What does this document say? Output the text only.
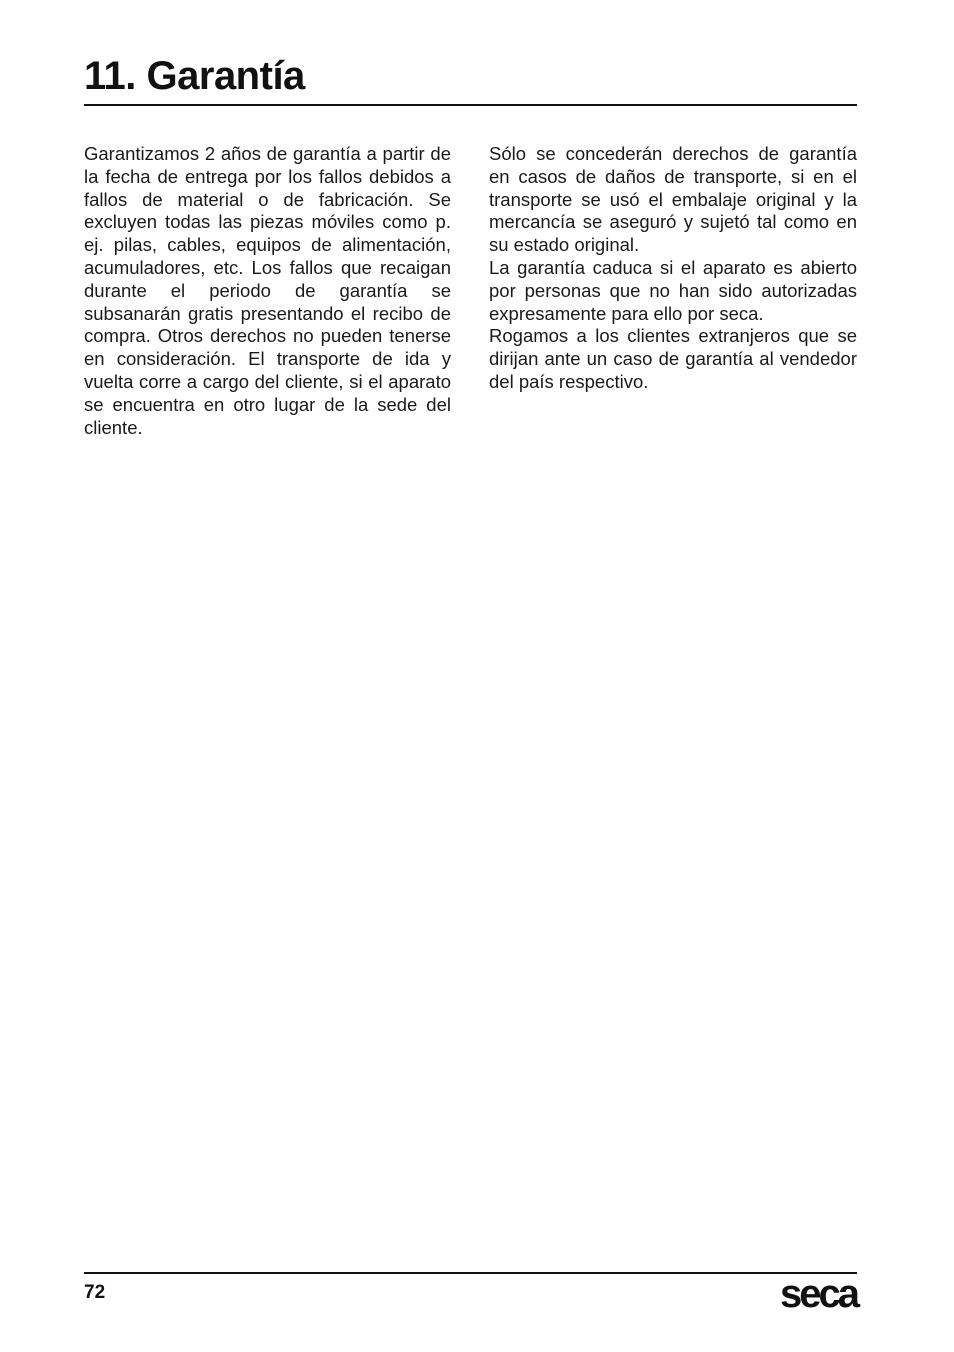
11. Garantía

Garantizamos 2 años de garantía a partir de la fecha de entrega por los fallos debidos a fallos de material o de fabricación. Se excluyen todas las piezas móviles como p. ej. pilas, cables, equipos de alimentación, acumuladores, etc. Los fallos que recaigan durante el periodo de garantía se subsanarán gratis presentando el recibo de compra. Otros derechos no pueden tenerse en consideración. El transporte de ida y vuelta corre a cargo del cliente, si el aparato se encuentra en otro lugar de la sede del cliente.

Sólo se concederán derechos de garantía en casos de daños de transporte, si en el transporte se usó el embalaje original y la mercancía se aseguró y sujetó tal como en su estado original.

La garantía caduca si el aparato es abierto por personas que no han sido autorizadas expresamente para ello por seca.

Rogamos a los clientes extranjeros que se dirijan ante un caso de garantía al vendedor del país respectivo.

72	seca
